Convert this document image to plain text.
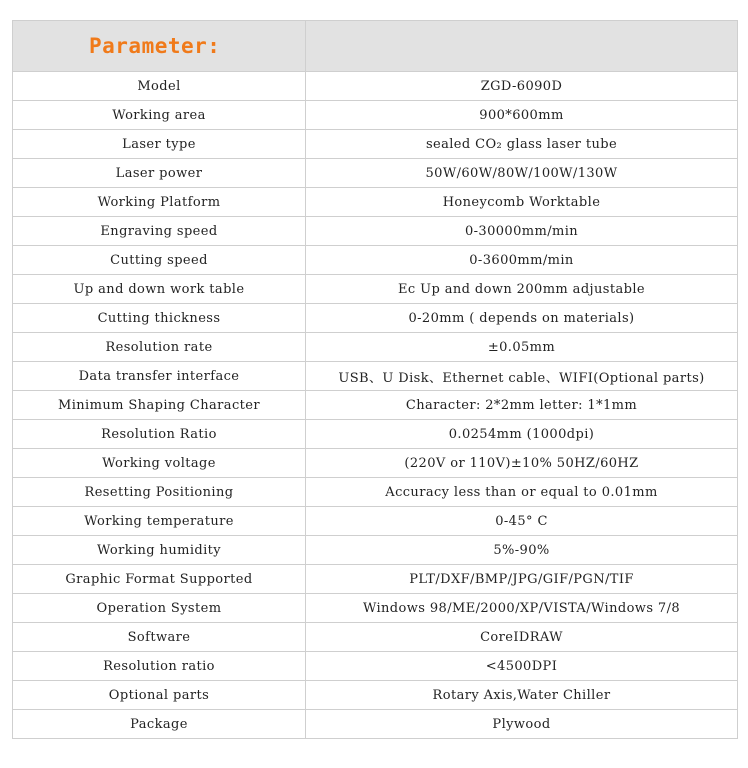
Parameter:	
Model	ZGD-6090D
Working area	900*600mm
Laser type	sealed CO₂ glass laser tube
Laser power	50W/60W/80W/100W/130W
Working Platform	Honeycomb Worktable
Engraving speed	0-30000mm/min
Cutting speed	0-3600mm/min
Up and down work table	Ec Up and down 200mm adjustable
Cutting thickness	0-20mm ( depends on materials)
Resolution rate	±0.05mm
Data transfer interface	USB、U Disk、Ethernet cable、WIFI(Optional parts)
Minimum Shaping Character	Character: 2*2mm letter: 1*1mm
Resolution Ratio	0.0254mm (1000dpi)
Working voltage	(220V or 110V)±10% 50HZ/60HZ
Resetting Positioning	Accuracy less than or equal to 0.01mm
Working temperature	0-45° C
Working humidity	5%-90%
Graphic Format Supported	PLT/DXF/BMP/JPG/GIF/PGN/TIF
Operation System	Windows 98/ME/2000/XP/VISTA/Windows 7/8
Software	CoreIDRAW
Resolution ratio	<4500DPI
Optional parts	Rotary Axis,Water Chiller
Package	Plywood
